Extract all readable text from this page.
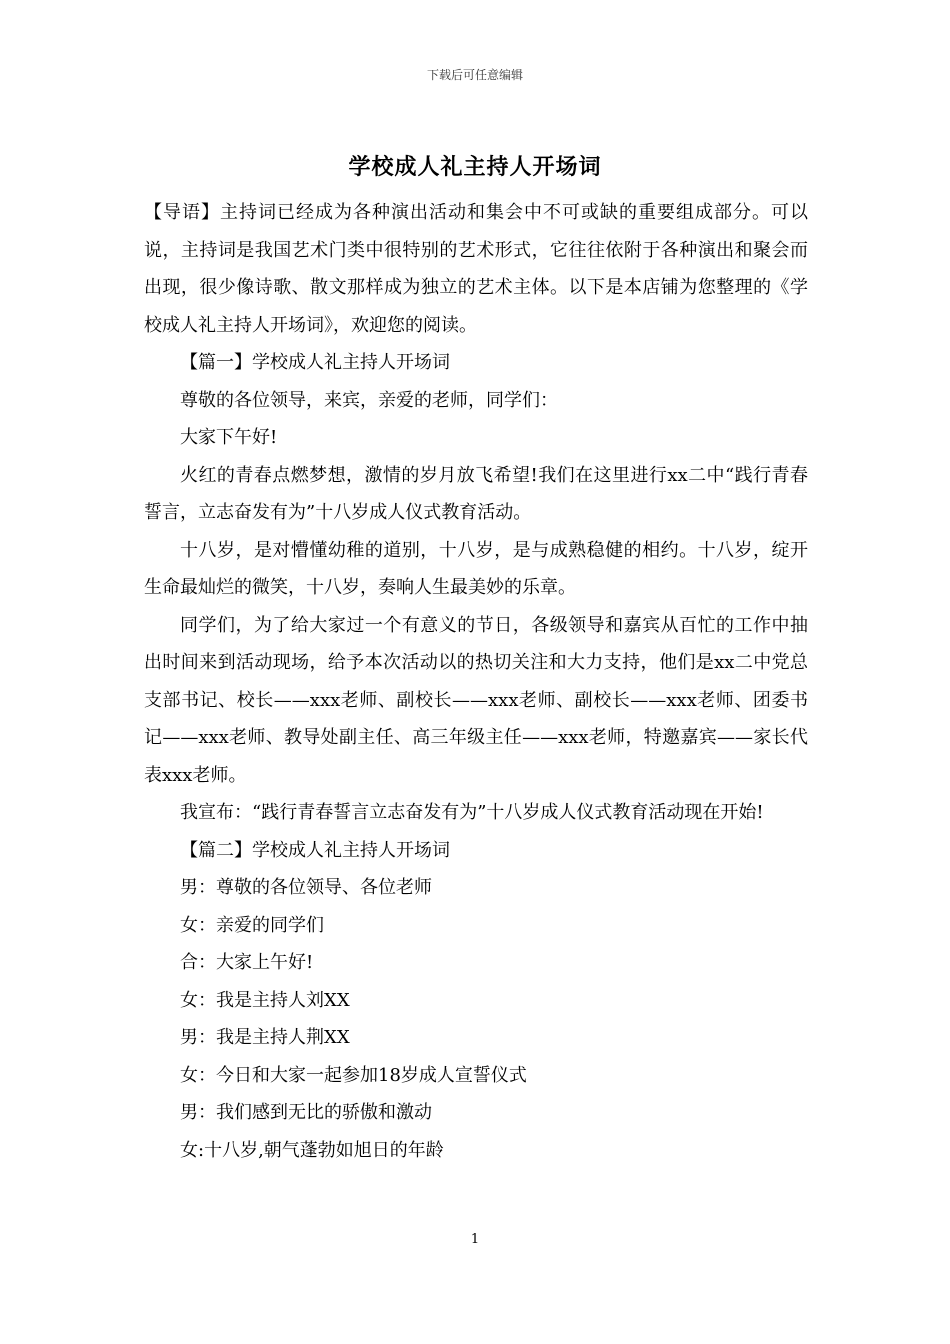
下载后可任意编辑
学校成人礼主持人开场词

【导语】主持词已经成为各种演出活动和集会中不可或缺的重要组成部分。可以说，主持词是我国艺术门类中很特别的艺术形式，它往往依附于各种演出和聚会而出现，很少像诗歌、散文那样成为独立的艺术主体。以下是本店铺为您整理的《学校成人礼主持人开场词》，欢迎您的阅读。

【篇一】学校成人礼主持人开场词

尊敬的各位领导，来宾，亲爱的老师，同学们：

大家下午好!

火红的青春点燃梦想，激情的岁月放飞希望!我们在这里进行xx二中“践行青春誓言，立志奋发有为”十八岁成人仪式教育活动。

十八岁，是对懵懂幼稚的道别，十八岁，是与成熟稳健的相约。十八岁，绽开生命最灿烂的微笑，十八岁，奏响人生最美妙的乐章。

同学们，为了给大家过一个有意义的节日，各级领导和嘉宾从百忙的工作中抽出时间来到活动现场，给予本次活动以的热切关注和大力支持，他们是xx二中党总支部书记、校长——xxx老师、副校长——xxx老师、副校长——xxx老师、团委书记——xxx老师、教导处副主任、高三年级主任——xxx老师，特邀嘉宾——家长代表xxx老师。

我宣布：“践行青春誓言立志奋发有为”十八岁成人仪式教育活动现在开始!

【篇二】学校成人礼主持人开场词

男：尊敬的各位领导、各位老师

女：亲爱的同学们

合：大家上午好!

女：我是主持人刘XX

男：我是主持人荆XX

女：今日和大家一起参加18岁成人宣誓仪式

男：我们感到无比的骄傲和激动

女:十八岁,朝气蓬勃如旭日的年龄

1
